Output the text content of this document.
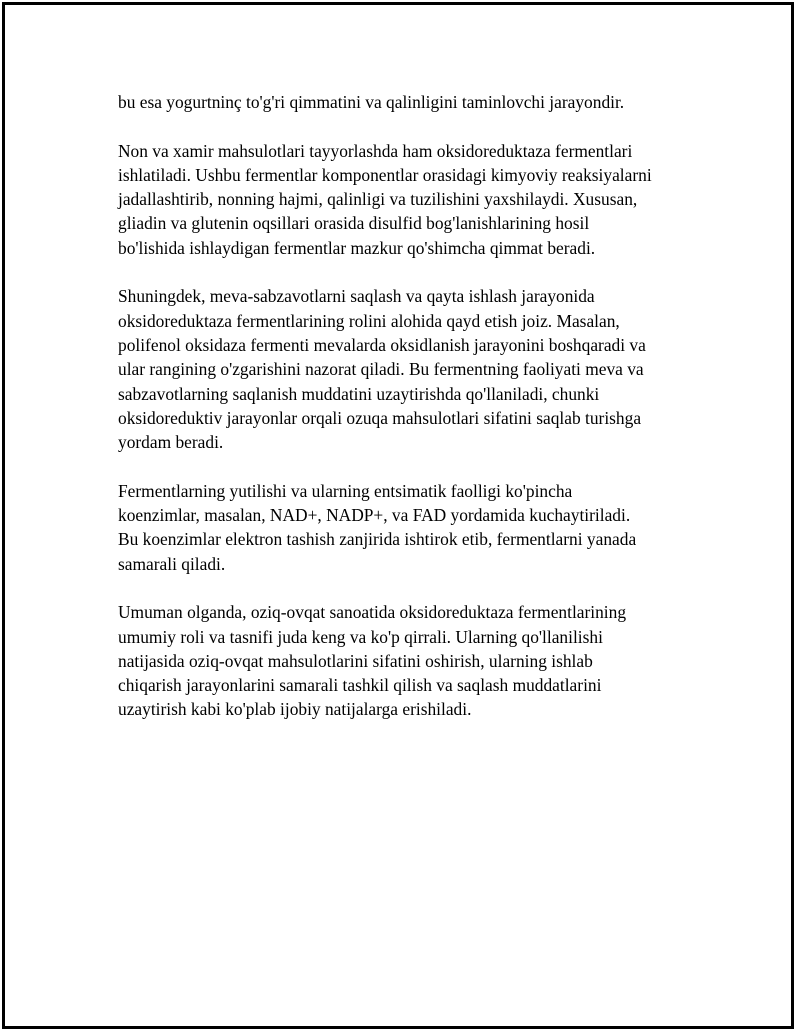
bu esa yogurtninç to'g'ri qimmatini va qalinligini taminlovchi jarayondir.

Non va xamir mahsulotlari tayyorlashda ham oksidoreduktaza fermentlari
ishlatiladi. Ushbu fermentlar komponentlar orasidagi kimyoviy reaksiyalarni
jadallashtirib, nonning hajmi, qalinligi va tuzilishini yaxshilaydi. Xususan,
gliadin va glutenin oqsillari orasida disulfid bog'lanishlarining hosil
bo'lishida ishlaydigan fermentlar mazkur qo'shimcha qimmat beradi.

Shuningdek, meva-sabzavotlarni saqlash va qayta ishlash jarayonida
oksidoreduktaza fermentlarining rolini alohida qayd etish joiz. Masalan,
polifenol oksidaza fermenti mevalarda oksidlanish jarayonini boshqaradi va
ular rangining o'zgarishini nazorat qiladi. Bu fermentning faoliyati meva va
sabzavotlarning saqlanish muddatini uzaytirishda qo'llaniladi, chunki
oksidoreduktiv jarayonlar orqali ozuqa mahsulotlari sifatini saqlab turishga
yordam beradi.

Fermentlarning yutilishi va ularning entsimatik faolligi ko'pincha
koenzimlar, masalan, NAD+, NADP+, va FAD yordamida kuchaytiriladi.
Bu koenzimlar elektron tashish zanjirida ishtirok etib, fermentlarni yanada
samarali qiladi.

Umuman olganda, oziq-ovqat sanoatida oksidoreduktaza fermentlarining
umumiy roli va tasnifi juda keng va ko'p qirrali. Ularning qo'llanilishi
natijasida oziq-ovqat mahsulotlarini sifatini oshirish, ularning ishlab
chiqarish jarayonlarini samarali tashkil qilish va saqlash muddatlarini
uzaytirish kabi ko'plab ijobiy natijalarga erishiladi.
